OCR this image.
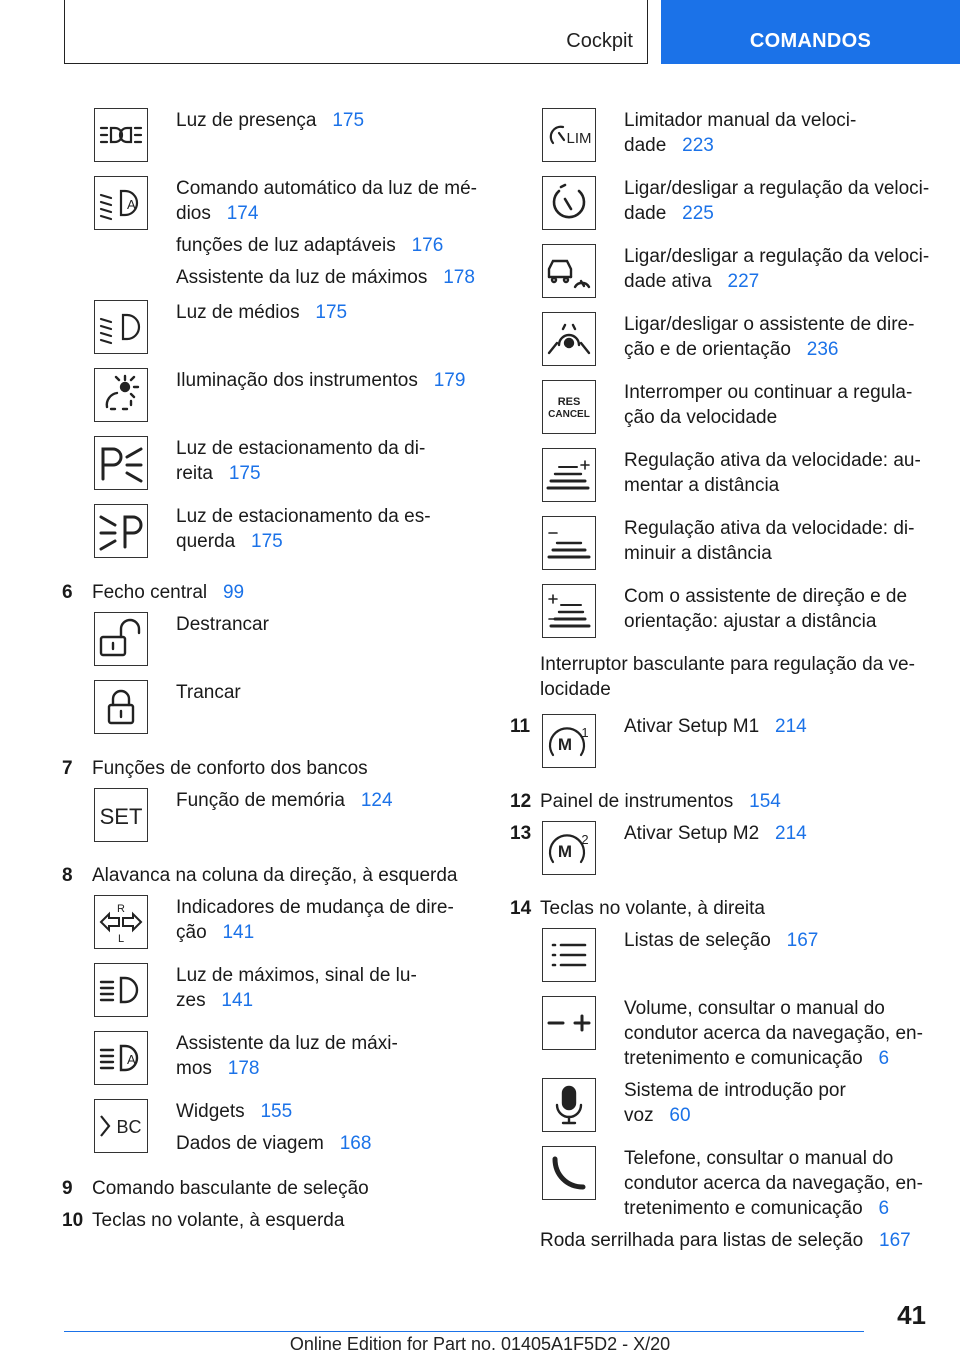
Cockpit	COMANDOS
Luz de presença 175
A
Comando automático da luz de mé-
dios 174
funções de luz adaptáveis 176
Assistente da luz de máximos 178
Luz de médios 175
Iluminação dos instrumentos 179
Luz de estacionamento da di-
reita 175
Luz de estacionamento da es-
querda 175
6	Fecho central 99
Destrancar
Trancar
7	Funções de conforto dos bancos
SET
Função de memória 124
8	Alavanca na coluna da direção, à esquerda
R
L
Indicadores de mudança de dire-
ção 141
Luz de máximos, sinal de lu-
zes 141
A
Assistente da luz de máxi-
mos 178
BC
Widgets 155
Dados de viagem 168
9	Comando basculante de seleção
10 Teclas no volante, à esquerda
LIM
Limitador manual da veloci-
dade 223
Ligar/desligar a regulação da veloci-
dade 225
Ligar/desligar a regulação da veloci-
dade ativa 227
Ligar/desligar o assistente de dire-
ção e de orientação 236
RES
CANCEL
Interromper ou continuar a regula-
ção da velocidade
Regulação ativa da velocidade: au-
mentar a distância
Regulação ativa da velocidade: di-
minuir a distância
Com o assistente de direção e de
orientação: ajustar a distância
Interruptor basculante para regulação da ve-
locidade
11
M
1 Ativar Setup M1 214
12 Painel de instrumentos 154
13
M
2 Ativar Setup M2 214
14 Teclas no volante, à direita
Listas de seleção 167
Volume, consultar o manual do
condutor acerca da navegação, en-
tretenimento e comunicação 6
Sistema de introdução por
voz 60
Telefone, consultar o manual do
condutor acerca da navegação, en-
tretenimento e comunicação 6
Roda serrilhada para listas de seleção 167
41
Online Edition for Part no. 01405A1F5D2 - X/20
